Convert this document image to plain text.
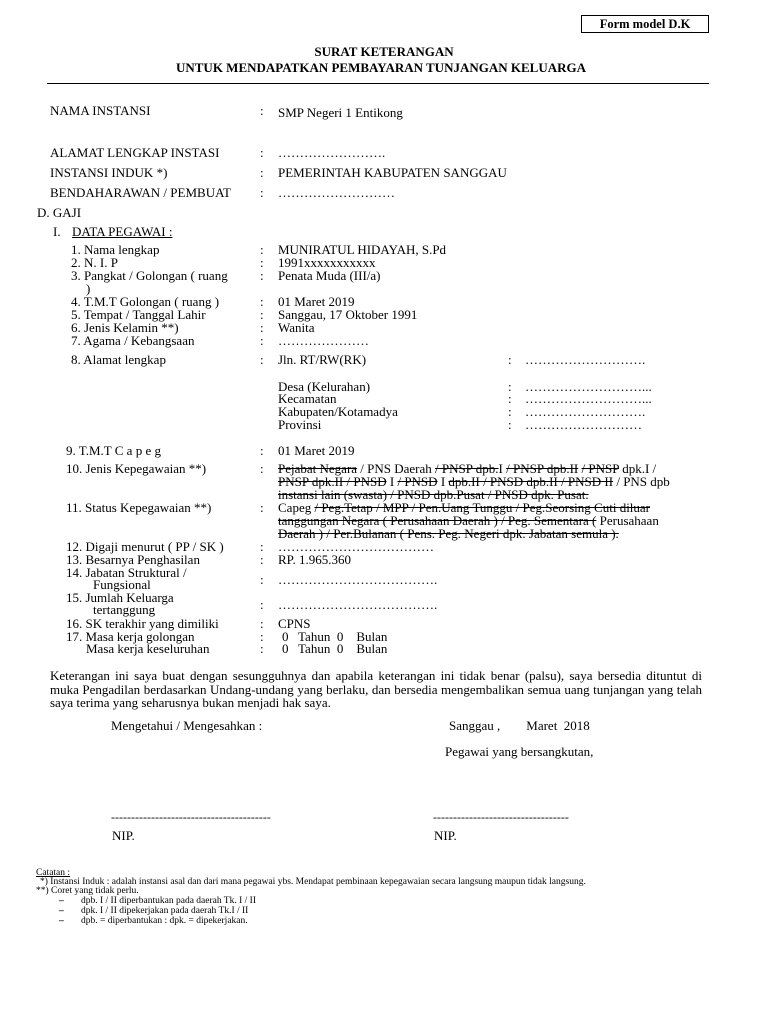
Form model D.K
SURAT KETERANGAN
UNTUK MENDAPATKAN PEMBAYARAN TUNJANGAN KELUARGA
NAMA INSTANSI	: SMP Negeri 1 Entikong
ALAMAT LENGKAP INSTASI	: …………………….
INSTANSI INDUK *)	: PEMERINTAH KABUPATEN SANGGAU
BENDAHARAWAN / PEMBUAT : ………………………
D. GAJI
I. DATA PEGAWAI :
1. Nama lengkap	: MUNIRATUL HIDAYAH, S.Pd
2. N. I. P	: 1991xxxxxxxxxxx
3. Pangkat / Golongan ( ruang
)
: Penata Muda (III/a)
4. T.M.T Golongan ( ruang )	: 01 Maret 2019
5. Tempat / Tanggal Lahir	: Sanggau, 17 Oktober 1991
6. Jenis Kelamin **)	: Wanita
7. Agama / Kebangsaan	: …………………
8. Alamat lengkap	: Jln. RT/RW(RK)	: ……………………….
Desa (Kelurahan)	: ………………………...
Kecamatan	: ………………………...
Kabupaten/Kotamadya	: ……………………….
Provinsi	: ………………………
9. T.M.T C a p e g	: 01 Maret 2019
10. Jenis Kepegawaian **)	: Pejabat Negara / PNS Daerah / PNSP dpb.I / PNSP dpb.II / PNSP dpk.I /
PNSP dpk.II / PNSD I / PNSD I dpb.II / PNSD dpb.II / PNSD II / PNS dpb
instansi lain (swasta) / PNSD dpb.Pusat / PNSD dpk. Pusat.
11. Status Kepegawaian **)	: Capeg / Peg.Tetap / MPP / Pen.Uang Tunggu / Peg.Seorsing Cuti diluar
tanggungan Negara ( Perusahaan Daerah ) / Peg. Sementara ( Perusahaan
Daerah ) / Per.Bulanan ( Pens. Peg. Negeri dpk. Jabatan semula ).
12. Digaji menurut ( PP / SK )	: ………………………………
13. Besarnya Penghasilan	: RP. 1.965.360
14. Jabatan Struktural /
Fungsional	: ……………………………….
15. Jumlah Keluarga
tertanggung	: ……………………………….
16. SK terakhir yang dimiliki	: CPNS
17. Masa kerja golongan	: 0   Tahun  0    Bulan
Masa kerja keseluruhan	: 0   Tahun  0    Bulan
Keterangan ini saya buat dengan sesungguhnya dan apabila keterangan ini tidak benar (palsu), saya bersedia dituntut di muka Pengadilan berdasarkan Undang-undang yang berlaku, dan bersedia mengembalikan semua uang tunjangan yang telah saya terima yang seharusnya bukan menjadi hak saya.
Mengetahui / Mengesahkan :	Sanggau ,        Maret  2018
Pegawai yang bersangkutan,
----------------------------------------	----------------------------------
NIP.	NIP.
Catatan :
*) Instansi Induk : adalah instansi asal dan dari mana pegawai ybs. Mendapat pembinaan kepegawaian secara langsung maupun tidak langsung.
**) Coret yang tidak perlu.
– dpb. I / II diperbantukan pada daerah Tk. I / II
– dpk. I / II dipekerjakan pada daerah Tk.I / II
– dpb. = diperbantukan : dpk. = dipekerjakan.
